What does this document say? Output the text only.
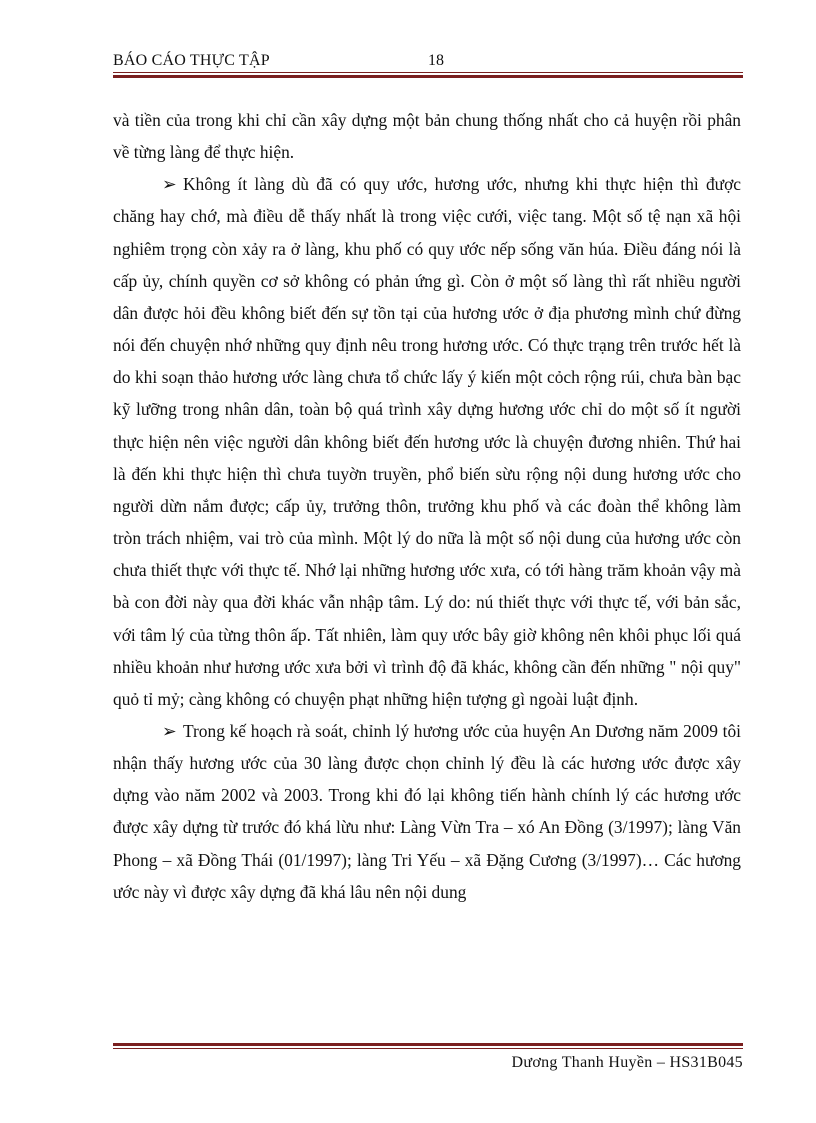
BÁO CÁO THỰC TẬP	18

và tiền của trong khi chỉ cần xây dựng một bản chung thống nhất cho cả huyện rồi phân về từng làng để thực hiện.

➢ Không ít làng dù đã có quy ước, hương ước, nhưng khi thực hiện thì được chăng hay chớ, mà điều dễ thấy nhất là trong việc cưới, việc tang. Một số tệ nạn xã hội nghiêm trọng còn xảy ra ở làng, khu phố có quy ước nếp sống văn húa. Điều đáng nói là cấp ủy, chính quyền cơ sở không có phản ứng gì. Còn ở một số làng thì rất nhiều người dân được hỏi đều không biết đến sự tồn tại của hương ước ở địa phương mình chứ đừng nói đến chuyện nhớ những quy định nêu trong hương ước. Có thực trạng trên trước hết là do khi soạn thảo hương ước làng chưa tổ chức lấy ý kiến một cỏch rộng rúi, chưa bàn bạc kỹ lưỡng trong nhân dân, toàn bộ quá trình xây dựng hương ước chỉ do một số ít người thực hiện nên việc người dân không biết đến hương ước là chuyện đương nhiên. Thứ hai là đến khi thực hiện thì chưa tuyờn truyền, phổ biến sừu rộng nội dung hương ước cho người dừn nắm được; cấp ủy, trưởng thôn, trưởng khu phố và các đoàn thể không làm tròn trách nhiệm, vai trò của mình. Một lý do nữa là một số nội dung của hương ước còn chưa thiết thực với thực tế. Nhớ lại những hương ước xưa, có tới hàng trăm khoản vậy mà bà con đời này qua đời khác vẫn nhập tâm. Lý do: nú thiết thực với thực tế, với bản sắc, với tâm lý của từng thôn ấp. Tất nhiên, làm quy ước bây giờ không nên khôi phục lối quá nhiều khoản như hương ước xưa bởi vì trình độ đã khác, không cần đến những " nội quy" quỏ tỉ mỷ; càng không có chuyện phạt những hiện tượng gì ngoài luật định.

➢ Trong kế hoạch rà soát, chỉnh lý hương ước của huyện An Dương năm 2009 tôi nhận thấy hương ước của 30 làng được chọn chỉnh lý đều là các hương ước được xây dựng vào năm 2002 và 2003. Trong khi đó lại không tiến hành chính lý các hương ước được xây dựng từ trước đó khá lừu như: Làng Vừn Tra – xó An Đồng (3/1997); làng Văn Phong – xã Đồng Thái (01/1997); làng Tri Yếu – xã Đặng Cương (3/1997)… Các hương ước này vì được xây dựng đã khá lâu nên nội dung

Dương Thanh Huyền – HS31B045
